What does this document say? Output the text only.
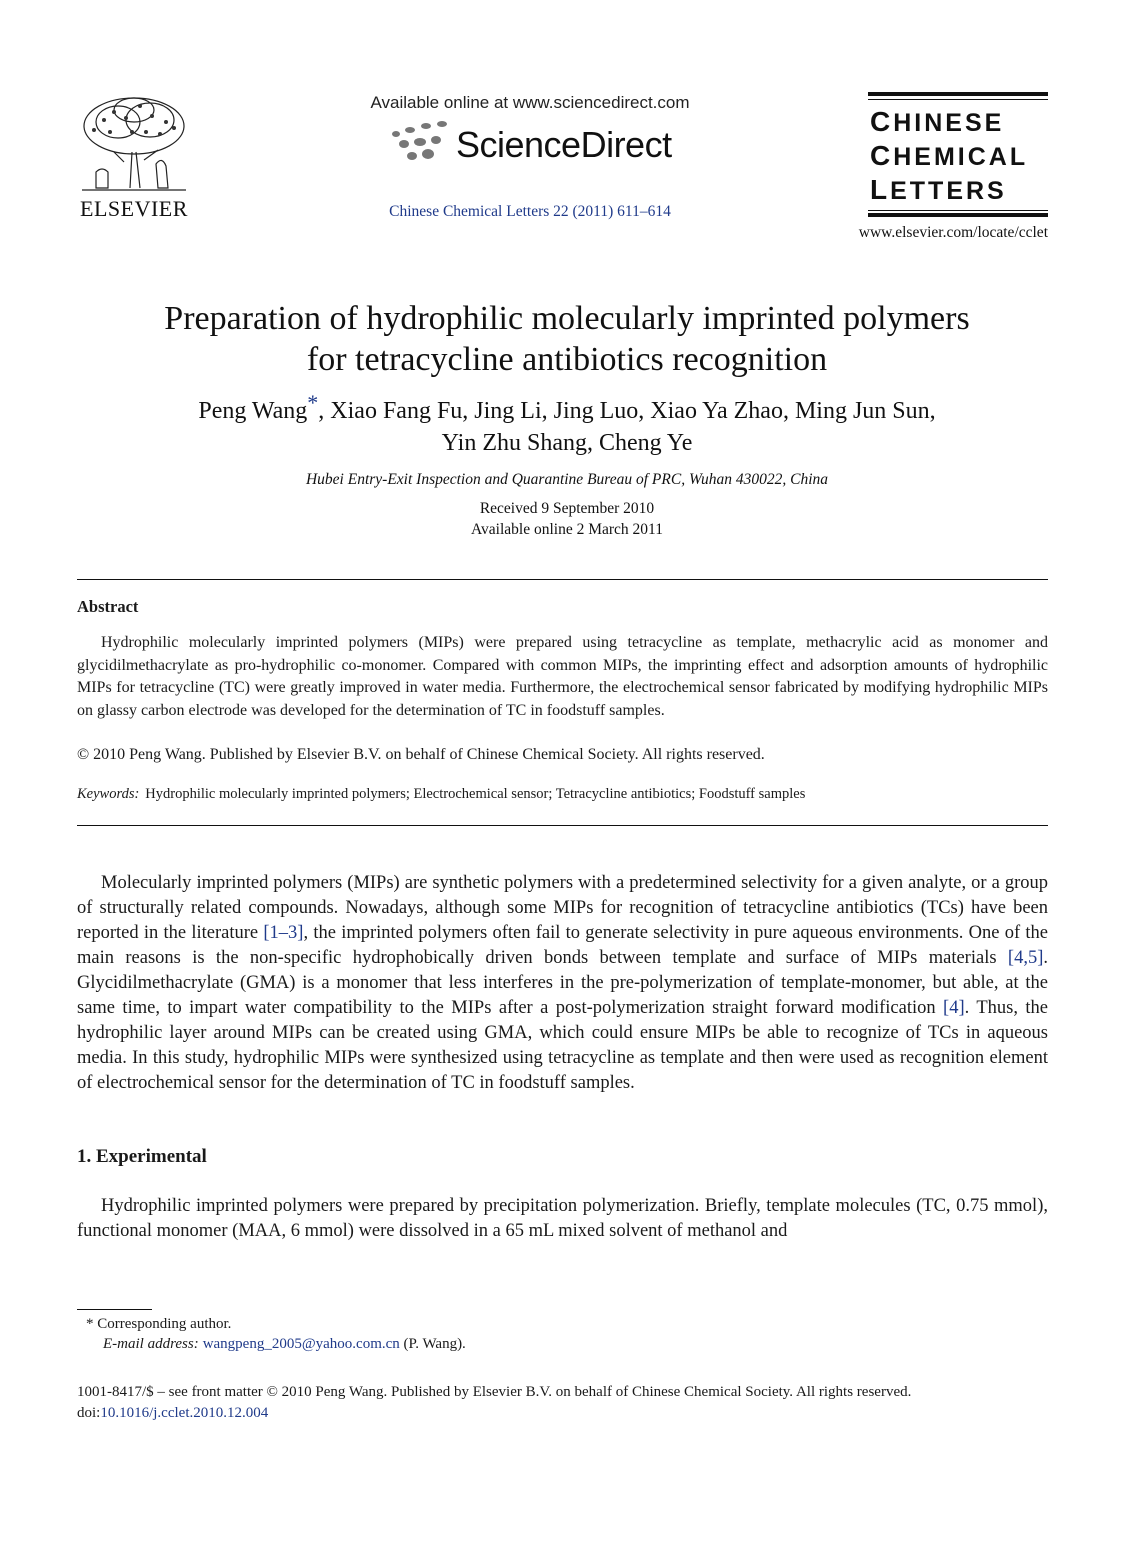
ELSEVIER
Available online at www.sciencedirect.com
ScienceDirect
Chinese Chemical Letters 22 (2011) 611–614
CHINESE
CHEMICAL
LETTERS
www.elsevier.com/locate/cclet
Preparation of hydrophilic molecularly imprinted polymers
for tetracycline antibiotics recognition
Peng Wang*, Xiao Fang Fu, Jing Li, Jing Luo, Xiao Ya Zhao, Ming Jun Sun,
Yin Zhu Shang, Cheng Ye
Hubei Entry-Exit Inspection and Quarantine Bureau of PRC, Wuhan 430022, China
Received 9 September 2010
Available online 2 March 2011
Abstract

Hydrophilic molecularly imprinted polymers (MIPs) were prepared using tetracycline as template, methacrylic acid as monomer and glycidilmethacrylate as pro-hydrophilic co-monomer. Compared with common MIPs, the imprinting effect and adsorption amounts of hydrophilic MIPs for tetracycline (TC) were greatly improved in water media. Furthermore, the electrochemical sensor fabricated by modifying hydrophilic MIPs on glassy carbon electrode was developed for the determination of TC in foodstuff samples.

© 2010 Peng Wang. Published by Elsevier B.V. on behalf of Chinese Chemical Society. All rights reserved.
Keywords: Hydrophilic molecularly imprinted polymers; Electrochemical sensor; Tetracycline antibiotics; Foodstuff samples

Molecularly imprinted polymers (MIPs) are synthetic polymers with a predetermined selectivity for a given analyte, or a group of structurally related compounds. Nowadays, although some MIPs for recognition of tetracycline antibiotics (TCs) have been reported in the literature [1–3], the imprinted polymers often fail to generate selectivity in pure aqueous environments. One of the main reasons is the non-specific hydrophobically driven bonds between template and surface of MIPs materials [4,5]. Glycidilmethacrylate (GMA) is a monomer that less interferes in the pre-polymerization of template-monomer, but able, at the same time, to impart water compatibility to the MIPs after a post-polymerization straight forward modification [4]. Thus, the hydrophilic layer around MIPs can be created using GMA, which could ensure MIPs be able to recognize of TCs in aqueous media. In this study, hydrophilic MIPs were synthesized using tetracycline as template and then were used as recognition element of electrochemical sensor for the determination of TC in foodstuff samples.

1. Experimental

Hydrophilic imprinted polymers were prepared by precipitation polymerization. Briefly, template molecules (TC, 0.75 mmol), functional monomer (MAA, 6 mmol) were dissolved in a 65 mL mixed solvent of methanol and

* Corresponding author.
E-mail address: wangpeng_2005@yahoo.com.cn (P. Wang).
1001-8417/$ – see front matter © 2010 Peng Wang. Published by Elsevier B.V. on behalf of Chinese Chemical Society. All rights reserved.
doi:10.1016/j.cclet.2010.12.004
